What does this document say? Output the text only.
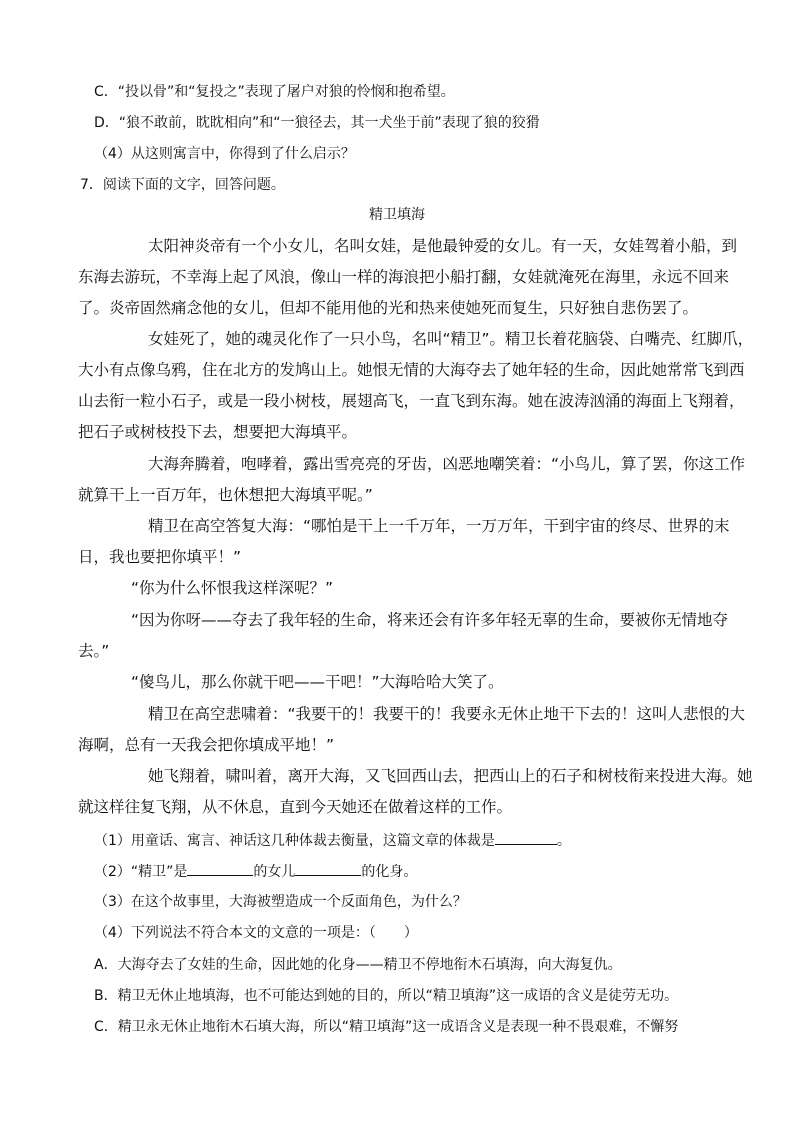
C．“投以骨”和“复投之”表现了屠户对狼的怜悯和抱希望。
D．“狼不敢前，眈眈相向”和“一狼径去，其一犬坐于前”表现了狼的狡猾
（4）从这则寓言中，你得到了什么启示？
7．阅读下面的文字，回答问题。
精卫填海
太阳神炎帝有一个小女儿，名叫女娃，是他最钟爱的女儿。有一天，女娃驾着小船，到
东海去游玩，不幸海上起了风浪，像山一样的海浪把小船打翻，女娃就淹死在海里，永远不回来
了。炎帝固然痛念他的女儿，但却不能用他的光和热来使她死而复生，只好独自悲伤罢了。
女娃死了，她的魂灵化作了一只小鸟，名叫“精卫”。精卫长着花脑袋、白嘴壳、红脚爪，
大小有点像乌鸦，住在北方的发鸠山上。她恨无情的大海夺去了她年轻的生命，因此她常常飞到西
山去衔一粒小石子，或是一段小树枝，展翅高飞，一直飞到东海。她在波涛汹涌的海面上飞翔着，
把石子或树枝投下去，想要把大海填平。
大海奔腾着，咆哮着，露出雪亮亮的牙齿，凶恶地嘲笑着：“小鸟儿，算了罢，你这工作
就算干上一百万年，也休想把大海填平呢。”
精卫在高空答复大海：“哪怕是干上一千万年，一万万年，干到宇宙的终尽、世界的末
日，我也要把你填平！”
“你为什么怀恨我这样深呢？”
“因为你呀——夺去了我年轻的生命，将来还会有许多年轻无辜的生命，要被你无情地夺
去。”
“傻鸟儿，那么你就干吧——干吧！”大海哈哈大笑了。
精卫在高空悲啸着：“我要干的！我要干的！我要永无休止地干下去的！这叫人悲恨的大
海啊，总有一天我会把你填成平地！”
她飞翔着，啸叫着，离开大海，又飞回西山去，把西山上的石子和树枝衔来投进大海。她
就这样往复飞翔，从不休息，直到今天她还在做着这样的工作。
（1）用童话、寓言、神话这几种体裁去衡量，这篇文章的体裁是	。
（2）“精卫”是	的女儿	的化身。
（3）在这个故事里，大海被塑造成一个反面角色，为什么？
（4）下列说法不符合本文的文意的一项是：（　　）
A．大海夺去了女娃的生命，因此她的化身——精卫不停地衔木石填海，向大海复仇。
B．精卫无休止地填海，也不可能达到她的目的，所以“精卫填海”这一成语的含义是徒劳无功。
C．精卫永无休止地衔木石填大海，所以“精卫填海”这一成语含义是表现一种不畏艰难，不懈努
